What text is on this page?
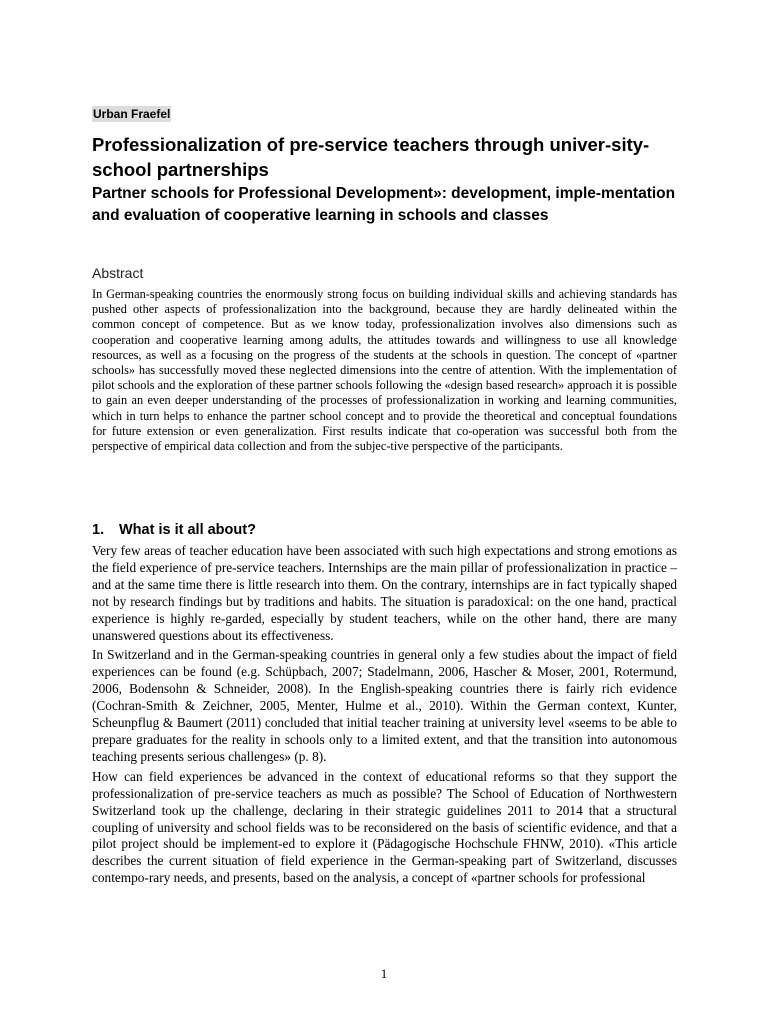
Urban Fraefel
Professionalization of pre-service teachers through univer-sity-school partnerships
Partner schools for Professional Development»: development, imple-mentation and evaluation of cooperative learning in schools and classes
Abstract

In German-speaking countries the enormously strong focus on building individual skills and achieving standards has pushed other aspects of professionalization into the background, because they are hardly delineated within the common concept of competence. But as we know today, professionalization involves also dimensions such as cooperation and cooperative learning among adults, the attitudes towards and willingness to use all knowledge resources, as well as a focusing on the progress of the students at the schools in question. The concept of «partner schools» has successfully moved these neglected dimensions into the centre of attention. With the implementation of pilot schools and the exploration of these partner schools following the «design based research» approach it is possible to gain an even deeper understanding of the processes of professionalization in working and learning communities, which in turn helps to enhance the partner school concept and to provide the theoretical and conceptual foundations for future extension or even generalization. First results indicate that co-operation was successful both from the perspective of empirical data collection and from the subjec-tive perspective of the participants.

1. What is it all about?

Very few areas of teacher education have been associated with such high expectations and strong emotions as the field experience of pre-service teachers. Internships are the main pillar of professionalization in practice – and at the same time there is little research into them. On the contrary, internships are in fact typically shaped not by research findings but by traditions and habits. The situation is paradoxical: on the one hand, practical experience is highly re-garded, especially by student teachers, while on the other hand, there are many unanswered questions about its effectiveness.

In Switzerland and in the German-speaking countries in general only a few studies about the impact of field experiences can be found (e.g. Schüpbach, 2007; Stadelmann, 2006, Hascher & Moser, 2001, Rotermund, 2006, Bodensohn & Schneider, 2008). In the English-speaking countries there is fairly rich evidence (Cochran-Smith & Zeichner, 2005, Menter, Hulme et al., 2010). Within the German context, Kunter, Scheunpflug & Baumert (2011) concluded that initial teacher training at university level «seems to be able to prepare graduates for the reality in schools only to a limited extent, and that the transition into autonomous teaching presents serious challenges» (p. 8).

How can field experiences be advanced in the context of educational reforms so that they support the professionalization of pre-service teachers as much as possible? The School of Education of Northwestern Switzerland took up the challenge, declaring in their strategic guidelines 2011 to 2014 that a structural coupling of university and school fields was to be reconsidered on the basis of scientific evidence, and that a pilot project should be implement-ed to explore it (Pädagogische Hochschule FHNW, 2010). «This article describes the current situation of field experience in the German-speaking part of Switzerland, discusses contempo-rary needs, and presents, based on the analysis, a concept of «partner schools for professional

1
